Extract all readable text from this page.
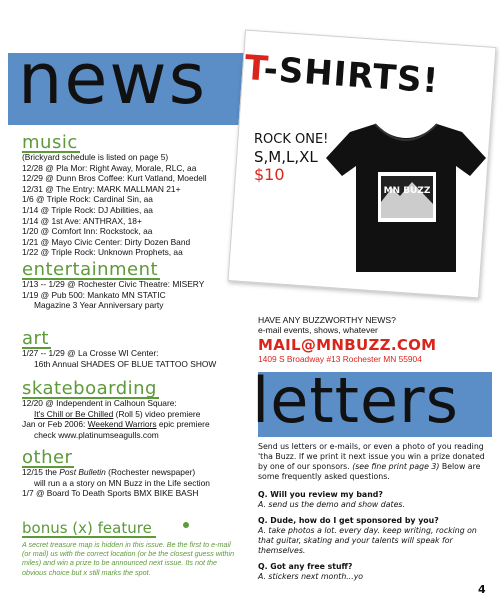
news T-SHIRTS!
ROCK ONE!
S,M,L,XL
$10
MN BUZZ
music
(Brickyard schedule is listed on page 5)
12/28 @ Pla Mor: Right Away, Morale, RLC, aa
12/29 @ Dunn Bros Coffee: Kurt Vatland, Moedell
12/31 @ The Entry: MARK MALLMAN 21+
1/6 @ Triple Rock: Cardinal Sin, aa
1/14 @ Triple Rock: DJ Abilities, aa
1/14 @ 1st Ave: ANTHRAX, 18+
1/20 @ Comfort Inn: Rockstock, aa
1/21 @ Mayo Civic Center: Dirty Dozen Band
1/22 @ Triple Rock: Unknown Prophets, aa
entertainment
1/13 -- 1/29 @ Rochester Civic Theatre: MISERY
1/19 @ Pub 500: Mankato MN STATIC
Magazine 3 Year Anniversary party
art
1/27 -- 1/29 @ La Crosse WI Center:
16th Annual SHADES OF BLUE TATTOO SHOW
skateboarding
12/20 @ Independent in Calhoun Square:
It's Chill or Be Chilled (Roll 5) video premiere
Jan or Feb 2006: Weekend Warriors epic premiere
check www.platinumseagulls.com
other
12/15 the Post Bulletin (Rochester newspaper)
will run a a story on MN Buzz in the Life section
1/7 @ Board To Death Sports BMX BIKE BASH
bonus (x) feature
A secret treasure map is hidden in this issue. Be the first to e-mail (or mail) us with the correct location (or be the closest guess within miles) and win a prize to be announced next issue. Its not the obvious choice but x still marks the spot.
HAVE ANY BUZZWORTHY NEWS?
e-mail events, shows, whatever
MAIL@MNBUZZ.COM
1409 S Broadway #13 Rochester MN 55904
letters
Send us letters or e-mails, or even a photo of you reading 'tha Buzz. If we print it next issue you win a prize donated by one of our sponsors. (see fine print page 3) Below are some frequently asked questions.
Q. Will you review my band?
A. send us the demo and show dates.
Q. Dude, how do I get sponsored by you?
A. take photos a lot. every day. keep writing, rocking on that guitar, skating and your talents will speak for themselves.
Q. Got any free stuff?
A. stickers next month...yo
4
